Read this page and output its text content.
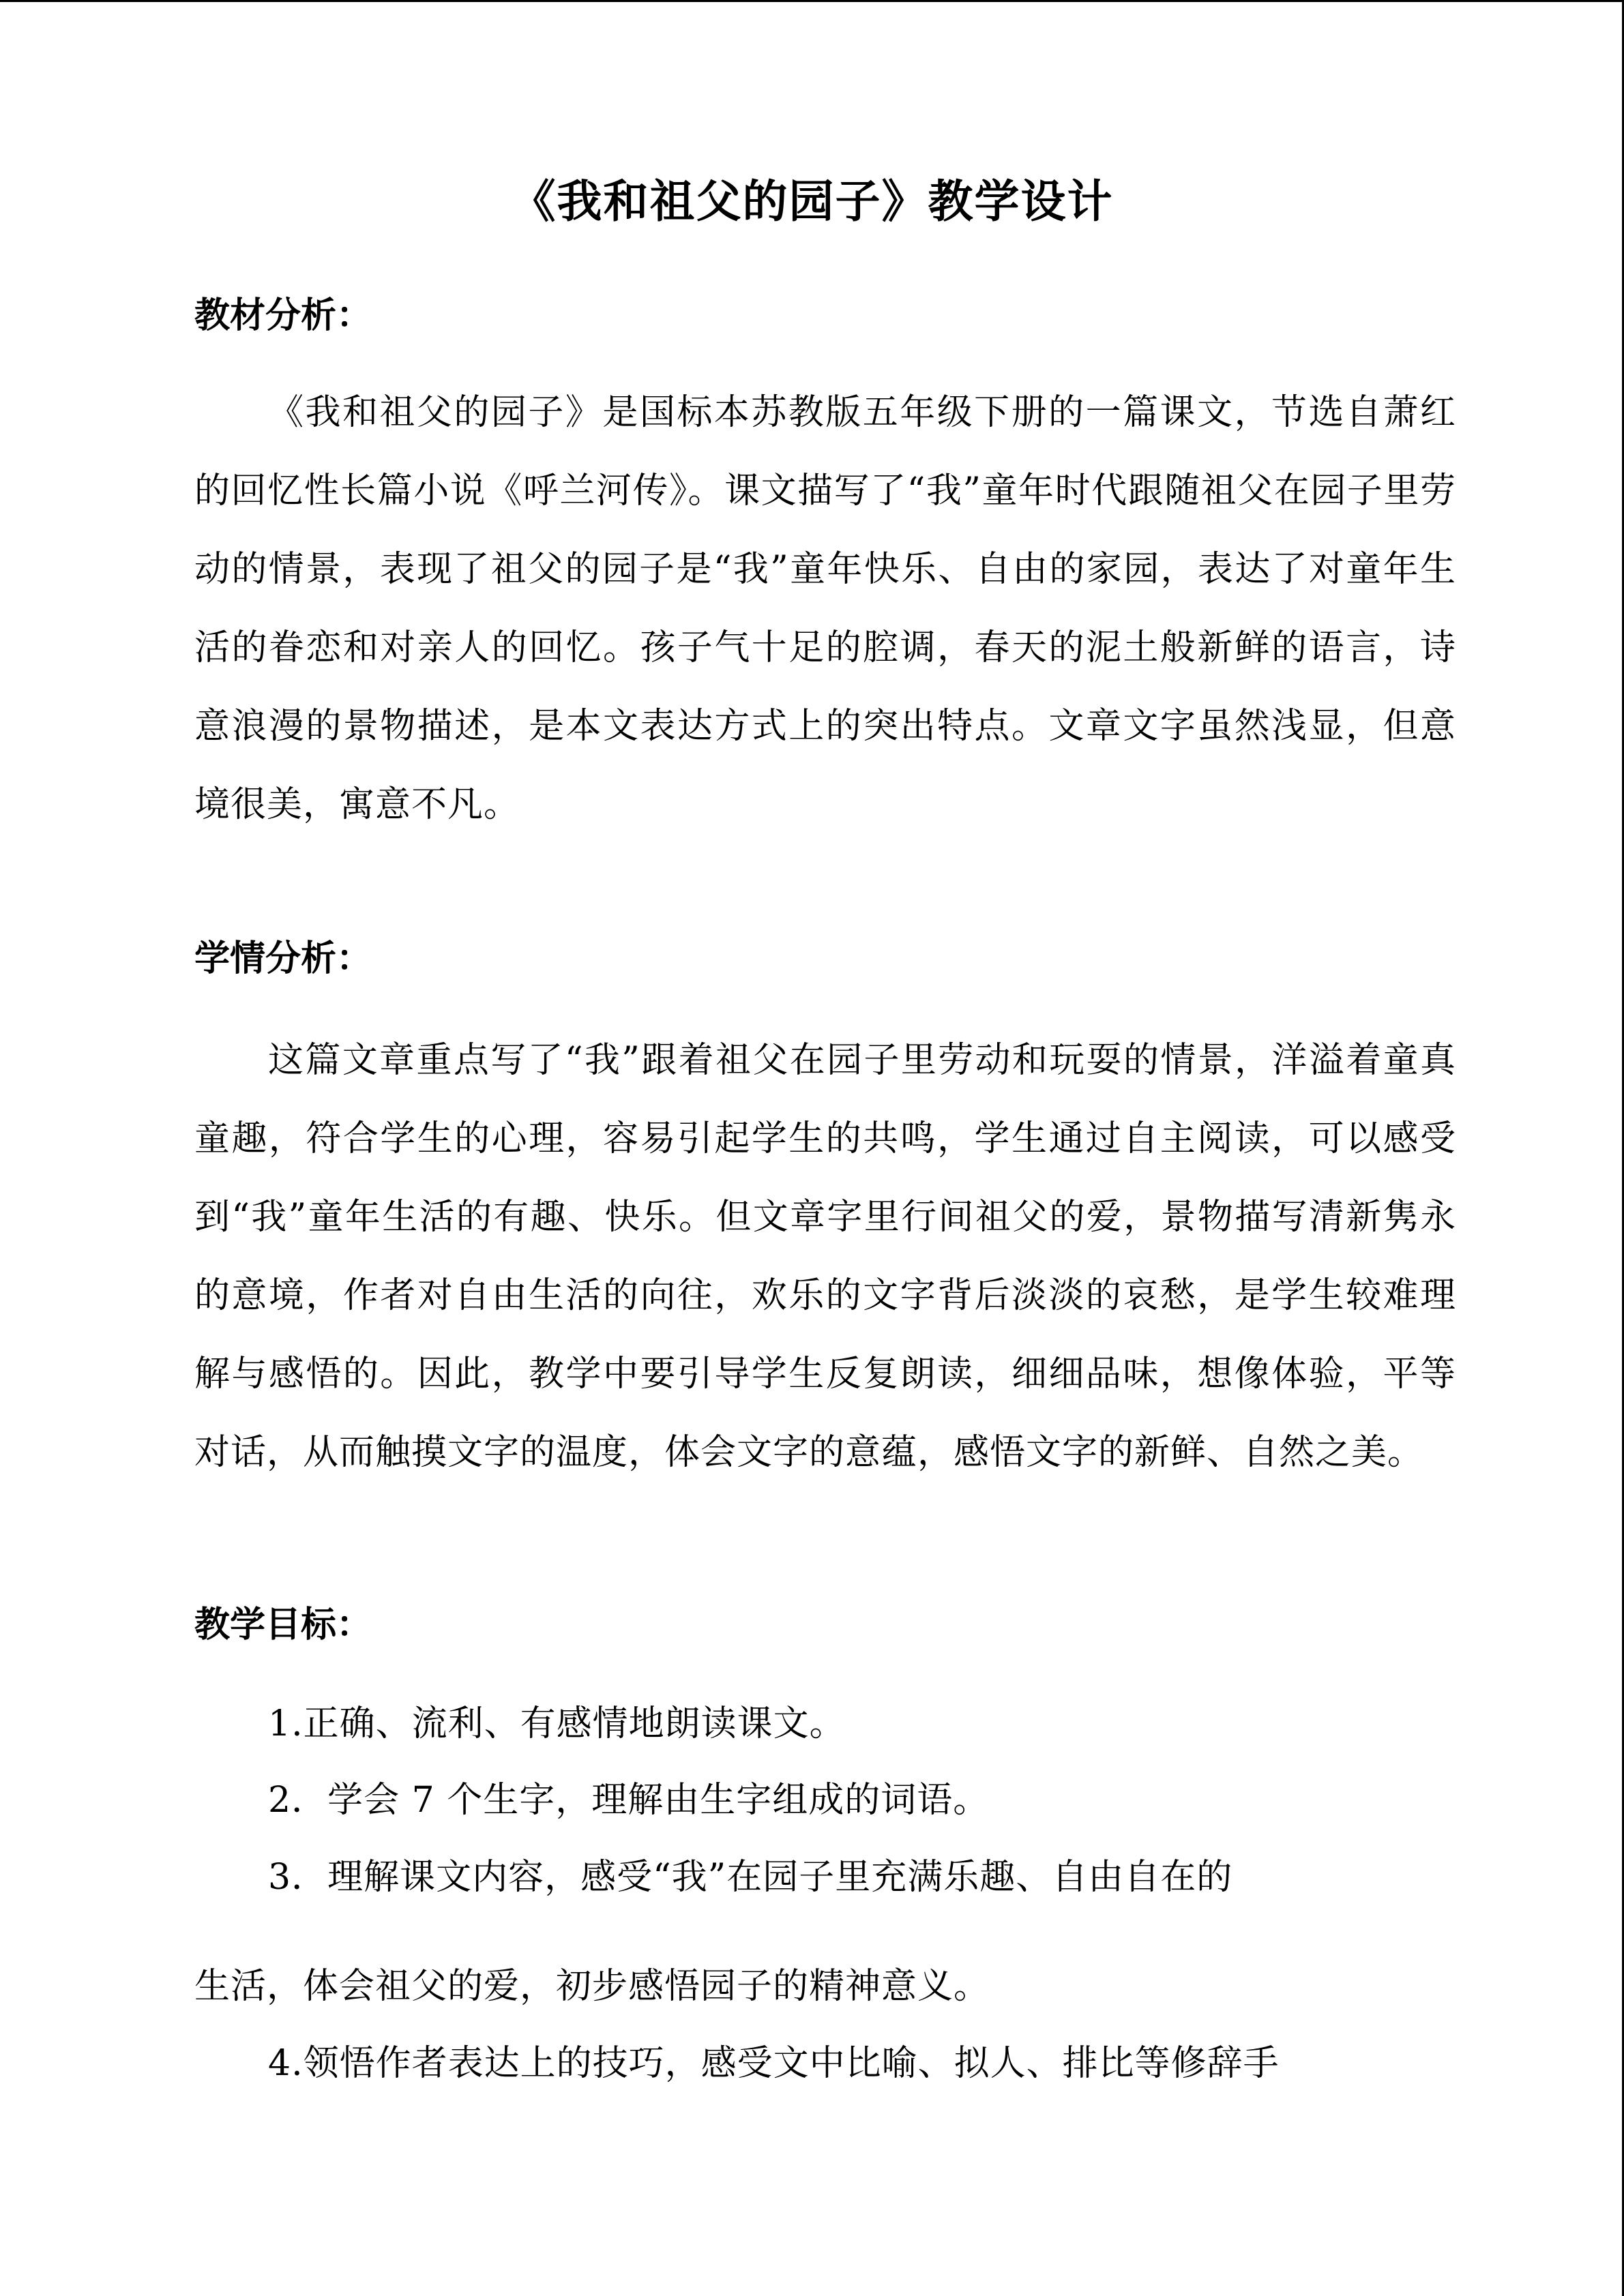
《我和祖父的园子》教学设计
教材分析：

《我和祖父的园子》是国标本苏教版五年级下册的一篇课文，节选自萧红的回忆性长篇小说《呼兰河传》。课文描写了“我”童年时代跟随祖父在园子里劳动的情景，表现了祖父的园子是“我”童年快乐、自由的家园，表达了对童年生活的眷恋和对亲人的回忆。孩子气十足的腔调，春天的泥土般新鲜的语言，诗意浪漫的景物描述，是本文表达方式上的突出特点。文章文字虽然浅显，但意境很美，寓意不凡。

学情分析：

这篇文章重点写了“我”跟着祖父在园子里劳动和玩耍的情景，洋溢着童真童趣，符合学生的心理，容易引起学生的共鸣，学生通过自主阅读，可以感受到“我”童年生活的有趣、快乐。但文章字里行间祖父的爱，景物描写清新隽永的意境，作者对自由生活的向往，欢乐的文字背后淡淡的哀愁，是学生较难理解与感悟的。因此，教学中要引导学生反复朗读，细细品味，想像体验，平等对话，从而触摸文字的温度，体会文字的意蕴，感悟文字的新鲜、自然之美。

教学目标：

1.正确、流利、有感情地朗读课文。

2．学会 7 个生字，理解由生字组成的词语。

3．理解课文内容，感受“我”在园子里充满乐趣、自由自在的

生活，体会祖父的爱，初步感悟园子的精神意义。

4.领悟作者表达上的技巧，感受文中比喻、拟人、排比等修辞手
